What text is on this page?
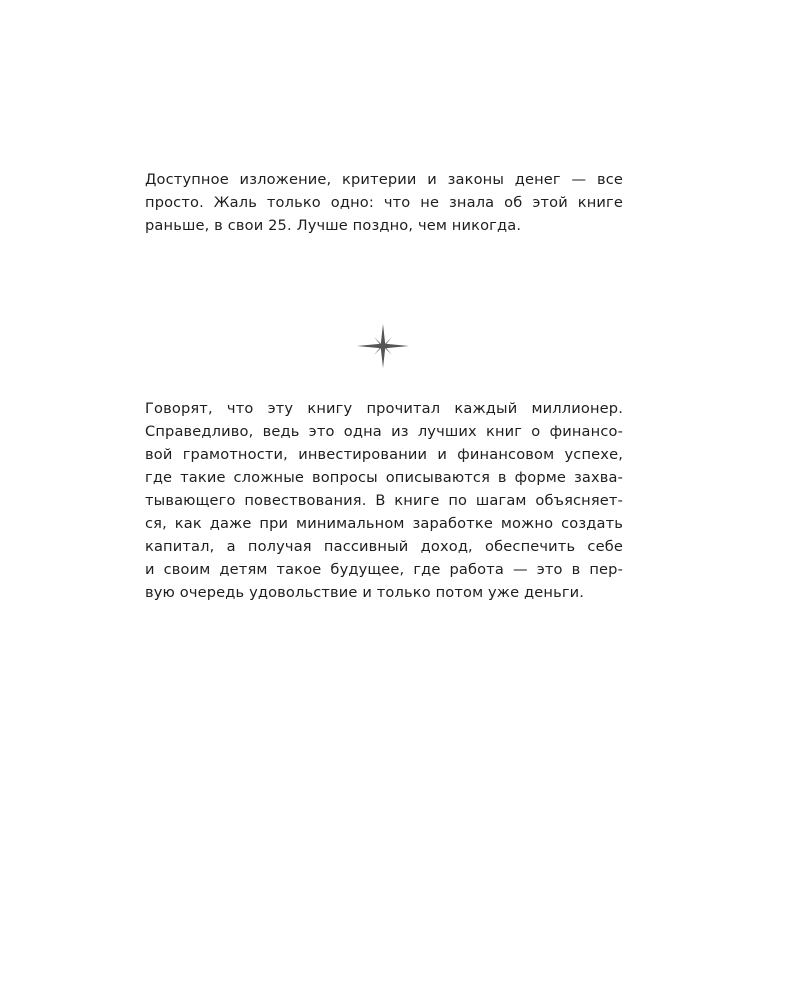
Доступное изложение, критерии и законы денег — все
просто. Жаль только одно: что не знала об этой книге
раньше, в свои 25. Лучше поздно, чем никогда.
Говорят, что эту книгу прочитал каждый миллионер.
Справедливо, ведь это одна из лучших книг о финансо-
вой грамотности, инвестировании и финансовом успехе,
где такие сложные вопросы описываются в форме захва-
тывающего повествования. В книге по шагам объясняет-
ся, как даже при минимальном заработке можно создать
капитал, а получая пассивный доход, обеспечить себе
и своим детям такое будущее, где работа — это в пер-
вую очередь удовольствие и только потом уже деньги.
